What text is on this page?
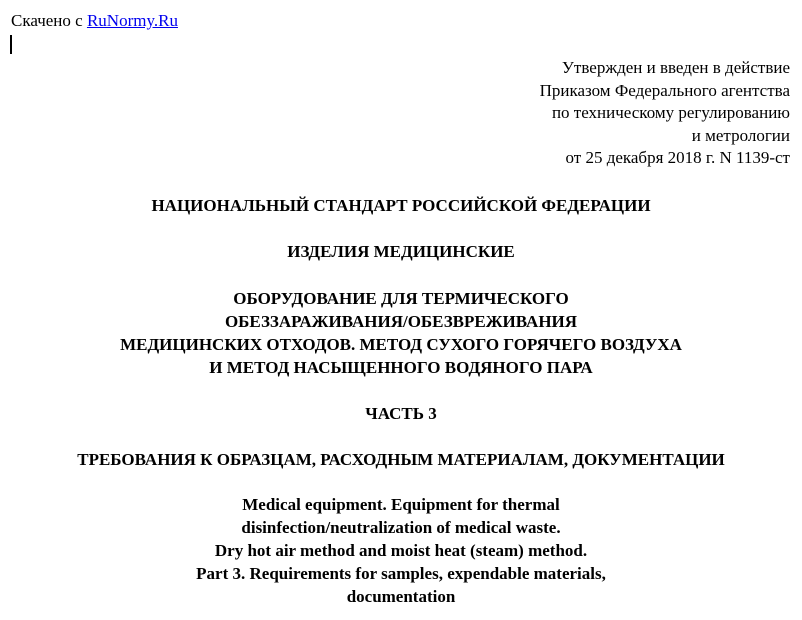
Скачено с RuNormy.Ru
Утвержден и введен в действие
Приказом Федерального агентства
по техническому регулированию
и метрологии
от 25 декабря 2018 г. N 1139-ст
НАЦИОНАЛЬНЫЙ СТАНДАРТ РОССИЙСКОЙ ФЕДЕРАЦИИ
ИЗДЕЛИЯ МЕДИЦИНСКИЕ
ОБОРУДОВАНИЕ ДЛЯ ТЕРМИЧЕСКОГО
ОБЕЗЗАРАЖИВАНИЯ/ОБЕЗВРЕЖИВАНИЯ
МЕДИЦИНСКИХ ОТХОДОВ. МЕТОД СУХОГО ГОРЯЧЕГО ВОЗДУХА
И МЕТОД НАСЫЩЕННОГО ВОДЯНОГО ПАРА
ЧАСТЬ 3
ТРЕБОВАНИЯ К ОБРАЗЦАМ, РАСХОДНЫМ МАТЕРИАЛАМ, ДОКУМЕНТАЦИИ
Medical equipment. Equipment for thermal
disinfection/neutralization of medical waste.
Dry hot air method and moist heat (steam) method.
Part 3. Requirements for samples, expendable materials,
documentation
